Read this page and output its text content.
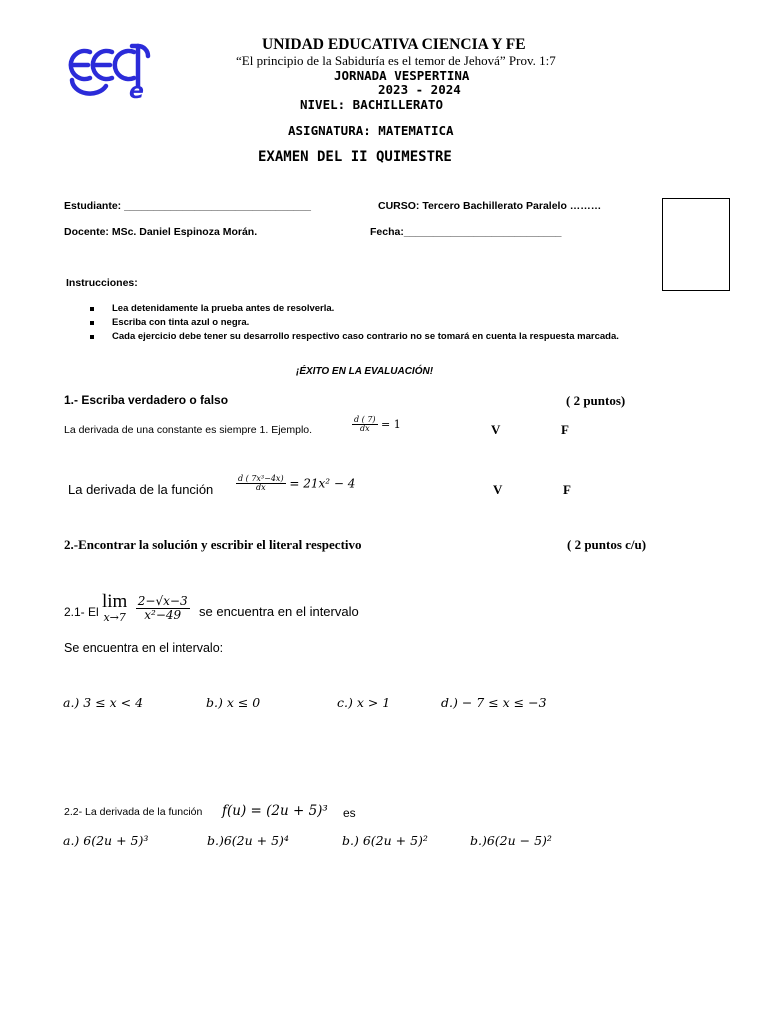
e
UNIDAD EDUCATIVA CIENCIA Y FE
“El principio de la Sabiduría es el temor de Jehová” Prov. 1:7
JORNADA VESPERTINA
2023 - 2024
NIVEL: BACHILLERATO
ASIGNATURA: MATEMATICA
EXAMEN DEL II QUIMESTRE
Estudiante: ________________________________	CURSO: Tercero Bachillerato Paralelo ………
Docente: MSc. Daniel Espinoza Morán.	Fecha:___________________________
Instrucciones:
Lea detenidamente la prueba antes de resolverla.
Escriba con tinta azul o negra.
Cada ejercicio debe tener su desarrollo respectivo caso contrario no se tomará en cuenta la respuesta marcada.
¡ÉXITO EN LA EVALUACIÓN!
1.- Escriba verdadero o falso	( 2 puntos)
La derivada de una constante es siempre 1. Ejemplo.	$\frac{d ( 7)}{dx} = 1$	V	F
La derivada de la función	$\frac{\text{d ( 7x³−4x)}}{dx} = 21x^2 - 4$	V	F
2.-Encontrar la solución y escribir el literal respectivo	( 2 puntos c/u)
2.1- El lim
x→7
$\frac{2-√x-3}{\text{x²−49}}$ se encuentra en el intervalo
Se encuentra en el intervalo:
a.) 3 ≤ x < 4	b.) x ≤ 0	c.) x > 1	d.) − 7 ≤ x ≤ −3
2.2- La derivada de la función f(u) = (2u + 5)³ es
a.) 6(2u + 5)³	b.)6(2u + 5)⁴	b.) 6(2u + 5)²	b.)6(2u − 5)²
